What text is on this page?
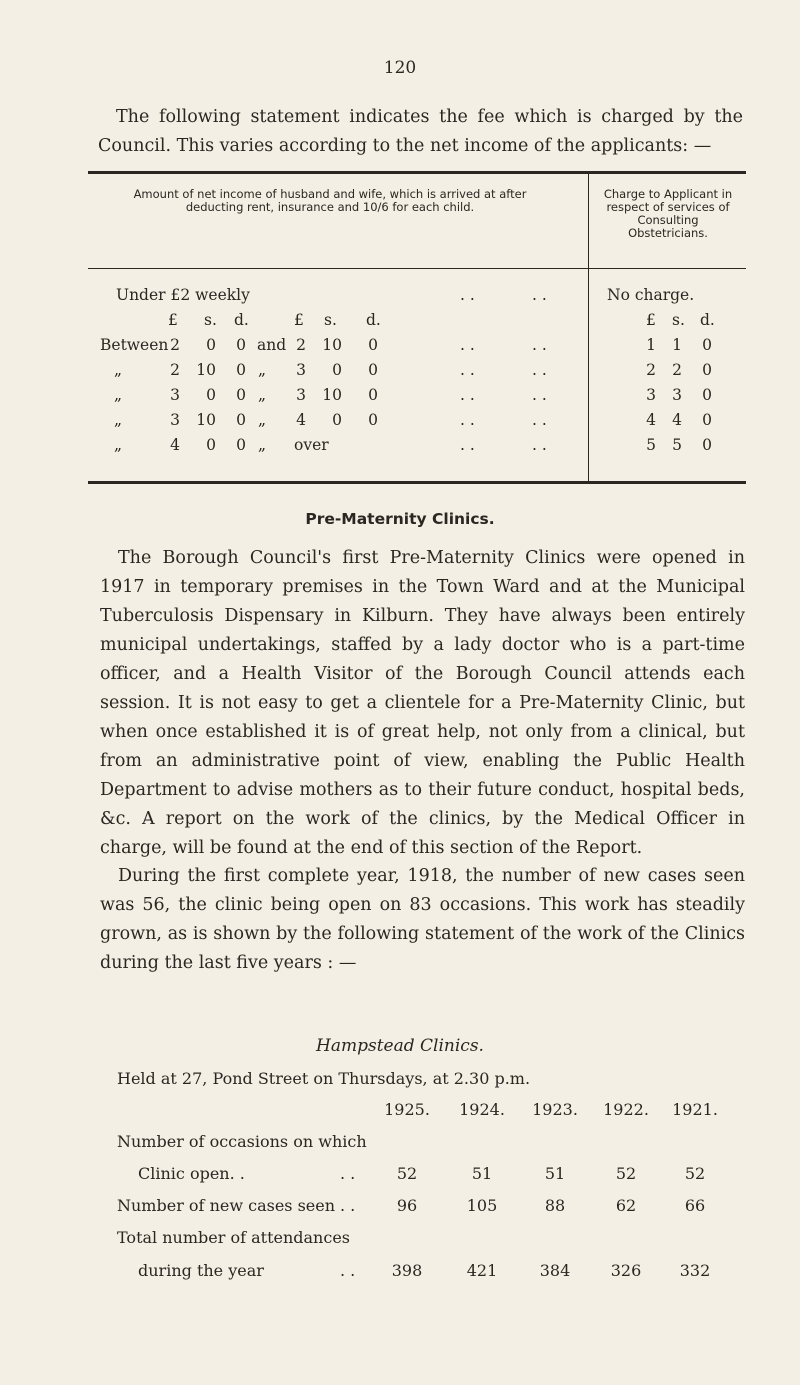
120

The following statement indicates the fee which is charged by the Council. This varies according to the net income of the applicants: —

Amount of net income of husband and wife, which is arrived at after deducting rent, insurance and 10/6 for each child.
Charge to Applicant in respect of services of Consulting Obstetricians.
Under £2 weekly	. .	. .	No charge.
£ s. d.	£ s. d.	£ s. d.
Between 2	0	0 and 2	10	0	. .	. .	1	1	0
„	2	10	0 „	3	0	0	. .	. .	2	2	0
„	3	0	0 „	3	10	0	. .	. .	3	3	0
„	3	10	0 „	4	0	0	. .	. .	4	4	0
„	4	0	0 „ over	. .	. .	5	5	0
Pre-Maternity Clinics.

The Borough Council's first Pre-Maternity Clinics were opened in 1917 in temporary premises in the Town Ward and at the Municipal Tuberculosis Dispensary in Kilburn. They have always been entirely municipal undertakings, staffed by a lady doctor who is a part-time officer, and a Health Visitor of the Borough Council attends each session. It is not easy to get a clientele for a Pre-Maternity Clinic, but when once established it is of great help, not only from a clinical, but from an administrative point of view, enabling the Public Health Department to advise mothers as to their future conduct, hospital beds, &c. A report on the work of the clinics, by the Medical Officer in charge, will be found at the end of this section of the Report.

During the first complete year, 1918, the number of new cases seen was 56, the clinic being open on 83 occasions. This work has steadily grown, as is shown by the following statement of the work of the Clinics during the last five years : —

Hampstead Clinics.
Held at 27, Pond Street on Thursdays, at 2.30 p.m.
1925.	1924.	1923.	1922.	1921.
Number of occasions on which
Clinic open. .	. .	52	51	51	52	52
Number of new cases seen . .	96	105	88	62	66
Total number of attendances
during the year	. .	398	421	384	326	332
